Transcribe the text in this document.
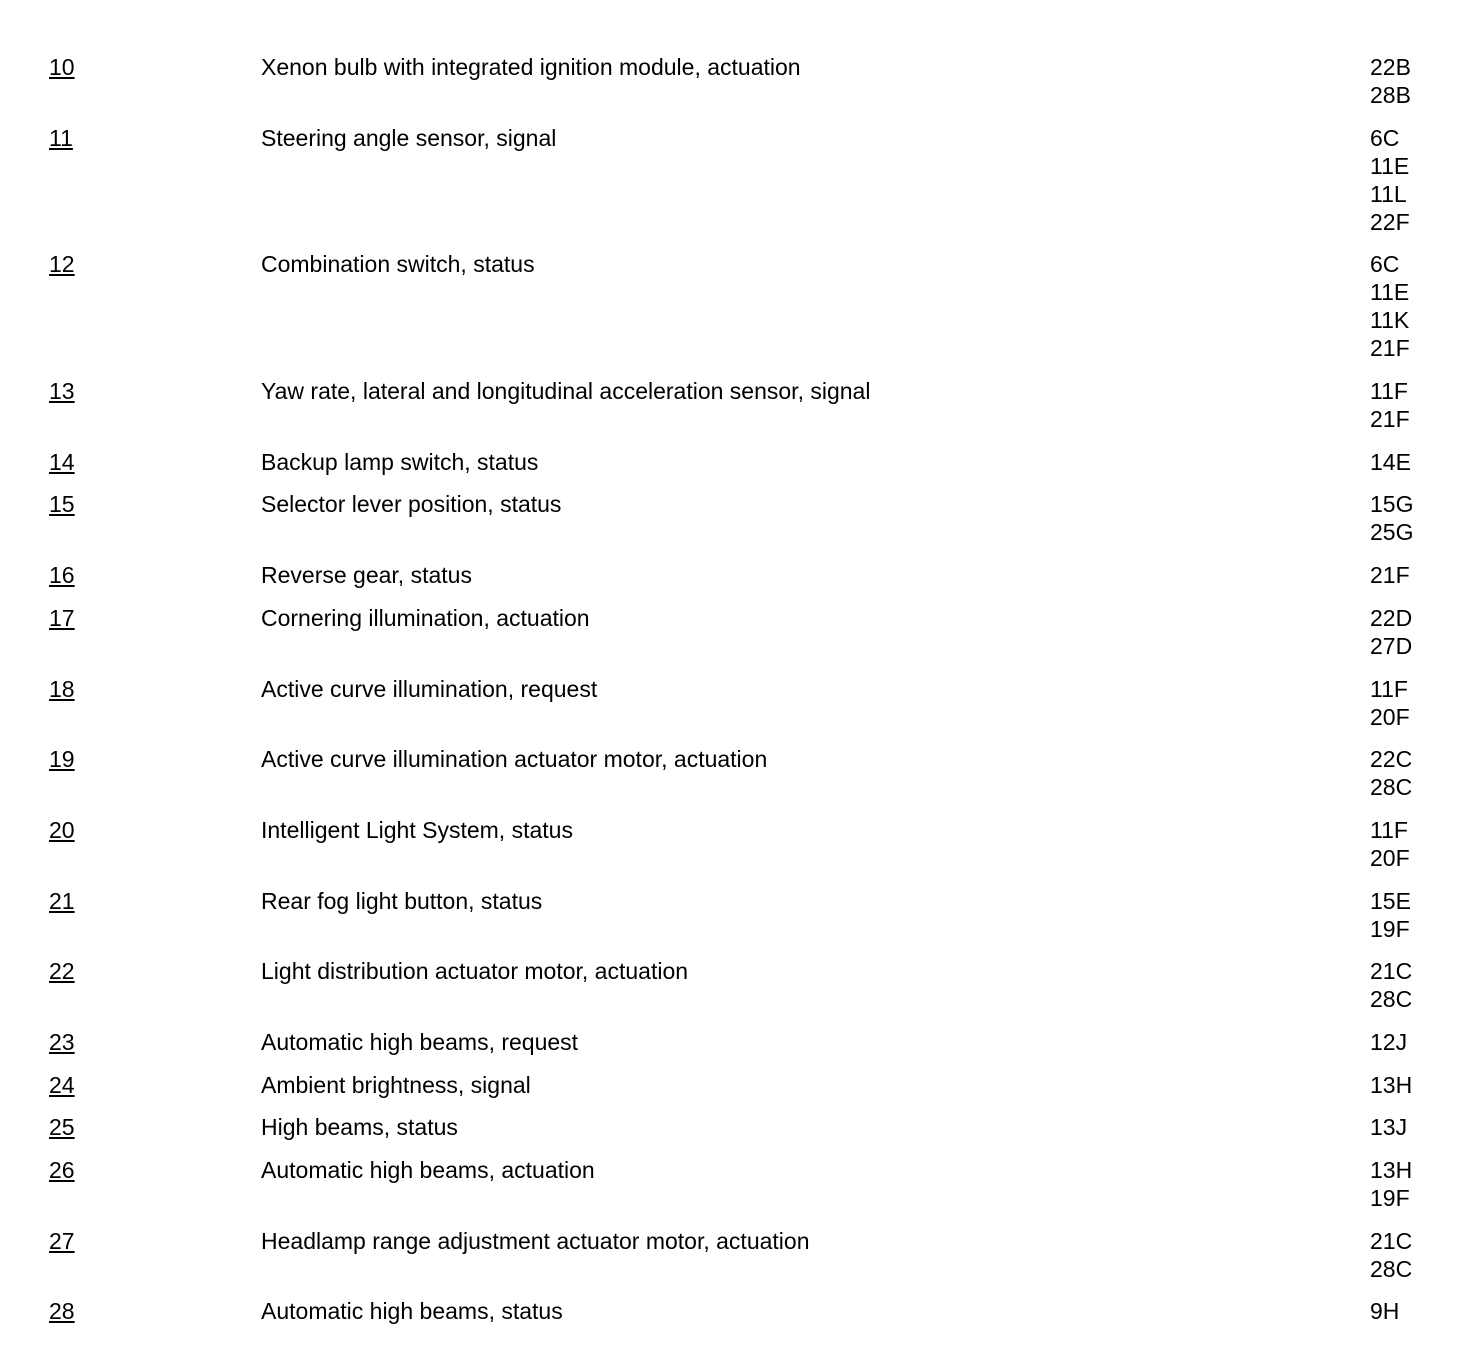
10	Xenon bulb with integrated ignition module, actuation	22B
28B
11	Steering angle sensor, signal	6C
11E
11L
22F
12	Combination switch, status	6C
11E
11K
21F
13	Yaw rate, lateral and longitudinal acceleration sensor, signal	11F
21F
14	Backup lamp switch, status	14E
15	Selector lever position, status	15G
25G
16	Reverse gear, status	21F
17	Cornering illumination, actuation	22D
27D
18	Active curve illumination, request	11F
20F
19	Active curve illumination actuator motor, actuation	22C
28C
20	Intelligent Light System, status	11F
20F
21	Rear fog light button, status	15E
19F
22	Light distribution actuator motor, actuation	21C
28C
23	Automatic high beams, request	12J
24	Ambient brightness, signal	13H
25	High beams, status	13J
26	Automatic high beams, actuation	13H
19F
27	Headlamp range adjustment actuator motor, actuation	21C
28C
28	Automatic high beams, status	9H
